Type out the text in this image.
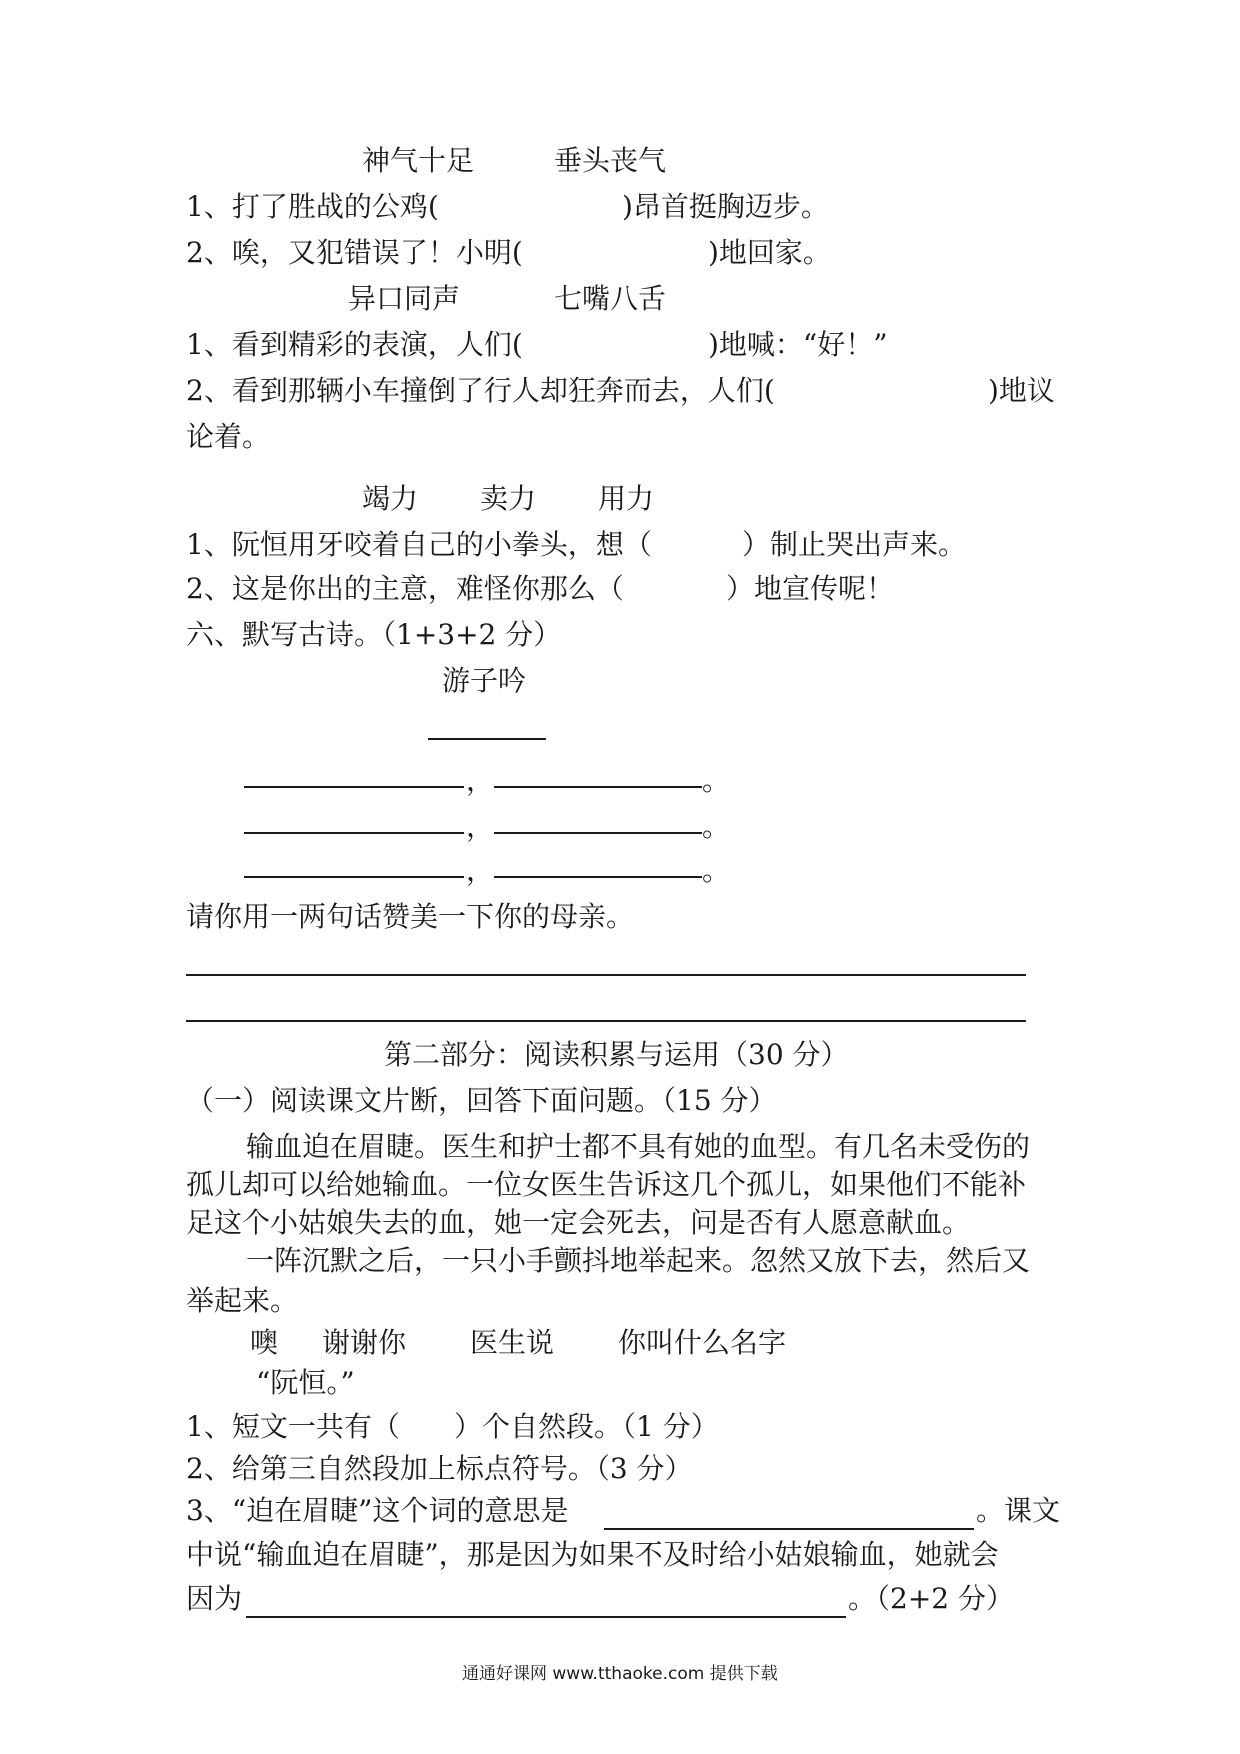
神气十足	垂头丧气
1、打了胜战的公鸡(	)昂首挺胸迈步。
2、唉，又犯错误了！小明(	)地回家。
异口同声	七嘴八舌
1、看到精彩的表演，人们(	)地喊：“好！”
2、看到那辆小车撞倒了行人却狂奔而去，人们(	)地议
论着。
竭力 卖力 用力
1、阮恒用牙咬着自己的小拳头，想（	）制止哭出声来。
2、这是你出的主意，难怪你那么（	）地宣传呢！
六、默写古诗。（1+3+2 分）
游子吟
，	。
，	。
，	。
请你用一两句话赞美一下你的母亲。
第二部分：阅读积累与运用（30 分）
（一）阅读课文片断，回答下面问题。（15 分）
输血迫在眉睫。医生和护士都不具有她的血型。有几名未受伤的
孤儿却可以给她输血。一位女医生告诉这几个孤儿，如果他们不能补
足这个小姑娘失去的血，她一定会死去，问是否有人愿意献血。
一阵沉默之后，一只小手颤抖地举起来。忽然又放下去，然后又
举起来。
噢 谢谢你 医生说 你叫什么名字
“阮恒。”
1、短文一共有（ ）个自然段。（1 分）
2、给第三自然段加上标点符号。（3 分）
3、“迫在眉睫”这个词的意思是	。课文
中说“输血迫在眉睫”，那是因为如果不及时给小姑娘输血，她就会
因为	。（2+2 分）
通通好课网 www.tthaoke.com 提供下载
